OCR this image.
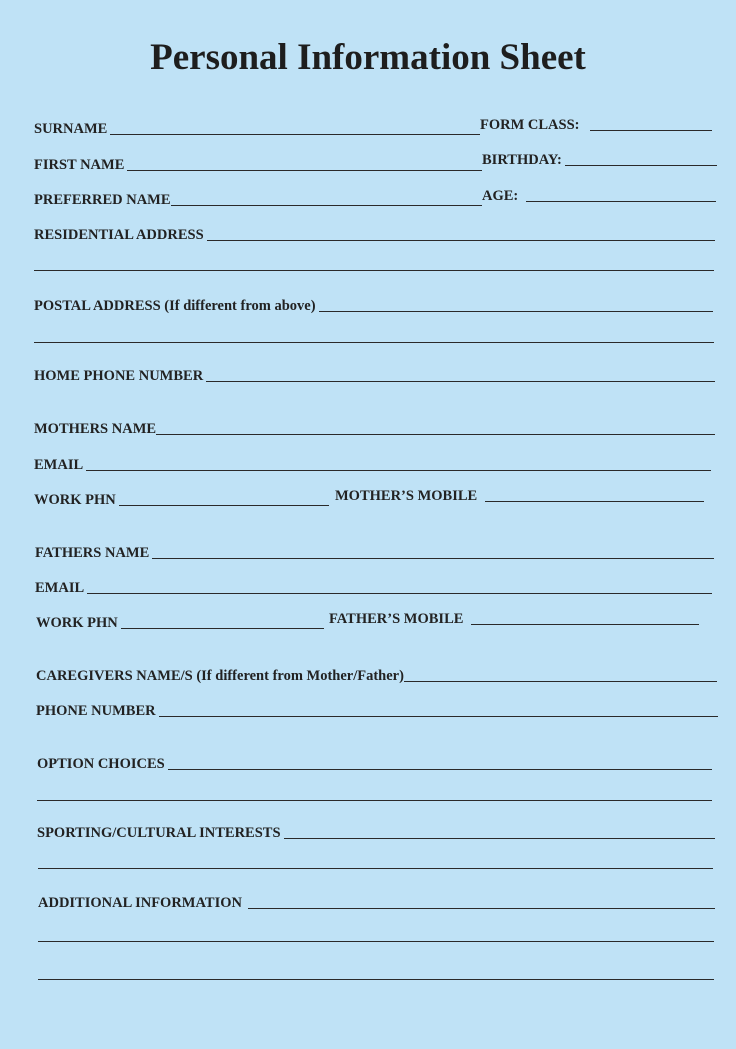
Personal Information Sheet
SURNAME	FORM CLASS:
FIRST NAME	BIRTHDAY:
PREFERRED NAME	AGE:
RESIDENTIAL ADDRESS
POSTAL ADDRESS (If different from above)
HOME PHONE NUMBER
MOTHERS NAME
EMAIL
WORK PHN	MOTHER’S MOBILE
FATHERS NAME
EMAIL
WORK PHN	FATHER’S MOBILE
CAREGIVERS NAME/S (If different from Mother/Father)
PHONE NUMBER
OPTION CHOICES
SPORTING/CULTURAL INTERESTS
ADDITIONAL INFORMATION
